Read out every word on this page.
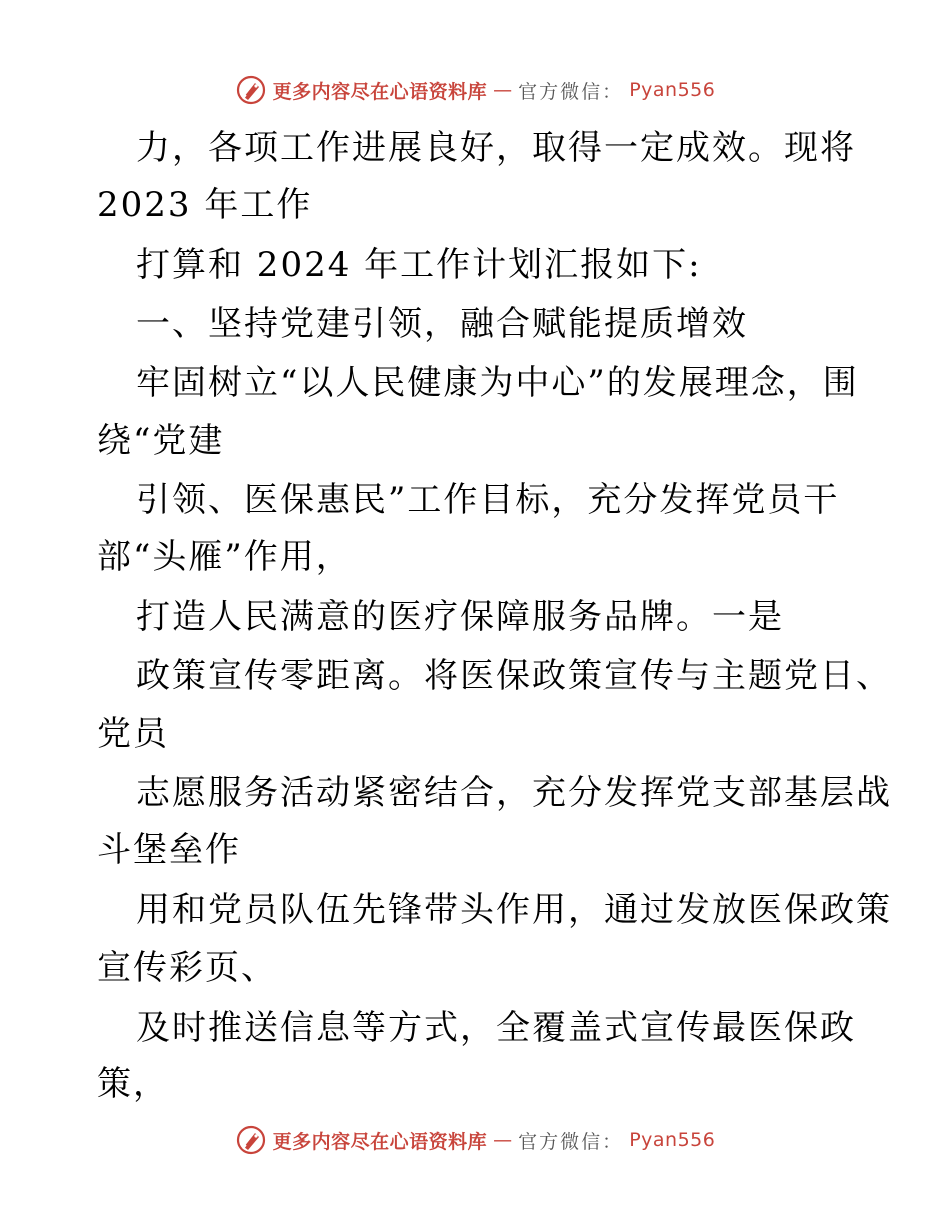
更多内容尽在心语资料库 — 官方微信： Pyan556
力，各项工作进展良好，取得一定成效。现将
2023 年工作
打算和 2024 年工作计划汇报如下:
一、坚持党建引领，融合赋能提质增效
牢固树立“以人民健康为中心”的发展理念，围
绕“党建
引领、医保惠民”工作目标，充分发挥党员干
部“头雁”作用，
打造人民满意的医疗保障服务品牌。一是
政策宣传零距离。将医保政策宣传与主题党日、
党员
志愿服务活动紧密结合，充分发挥党支部基层战
斗堡垒作
用和党员队伍先锋带头作用，通过发放医保政策
宣传彩页、
及时推送信息等方式，全覆盖式宣传最医保政
策，
更多内容尽在心语资料库 — 官方微信： Pyan556
